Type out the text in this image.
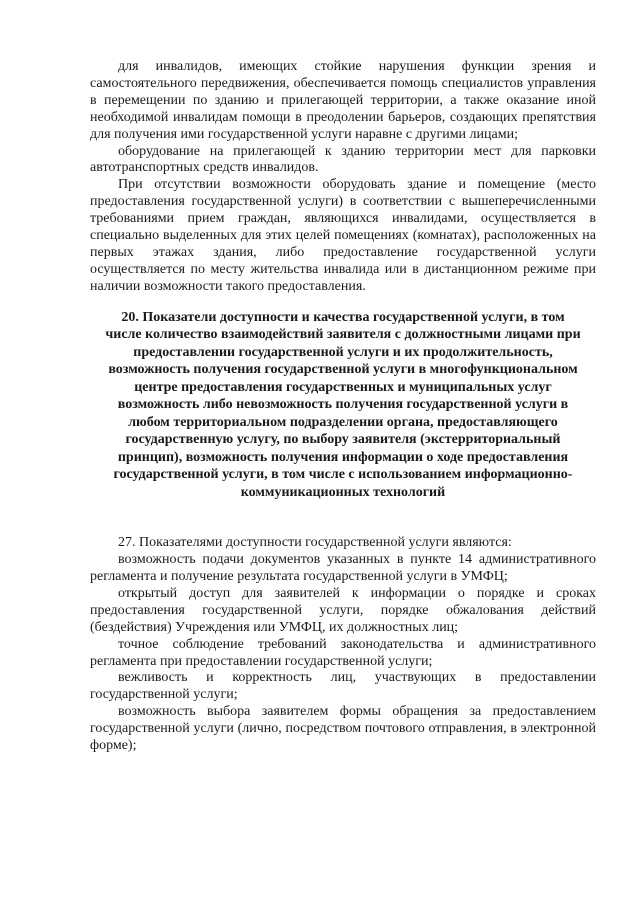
для инвалидов, имеющих стойкие нарушения функции зрения и самостоятельного передвижения, обеспечивается помощь специалистов управления в перемещении по зданию и прилегающей территории, а также оказание иной необходимой инвалидам помощи в преодолении барьеров, создающих препятствия для получения ими государственной услуги наравне с другими лицами;

оборудование на прилегающей к зданию территории мест для парковки автотранспортных средств инвалидов.

При отсутствии возможности оборудовать здание и помещение (место предоставления государственной услуги) в соответствии с вышеперечисленными требованиями прием граждан, являющихся инвалидами, осуществляется в специально выделенных для этих целей помещениях (комнатах), расположенных на первых этажах здания, либо предоставление государственной услуги осуществляется по месту жительства инвалида или в дистанционном режиме при наличии возможности такого предоставления.

20. Показатели доступности и качества государственной услуги, в том числе количество взаимодействий заявителя с должностными лицами при предоставлении государственной услуги и их продолжительность, возможность получения государственной услуги в многофункциональном центре предоставления государственных и муниципальных услуг возможность либо невозможность получения государственной услуги в любом территориальном подразделении органа, предоставляющего государственную услугу, по выбору заявителя (экстерриториальный принцип), возможность получения информации о ходе предоставления государственной услуги, в том числе с использованием информационно-коммуникационных технологий

27. Показателями доступности государственной услуги являются:

возможность подачи документов указанных в пункте 14 административного регламента и получение результата государственной услуги в УМФЦ;

открытый доступ для заявителей к информации о порядке и сроках предоставления государственной услуги, порядке обжалования действий (бездействия) Учреждения или УМФЦ, их должностных лиц;

точное соблюдение требований законодательства и административного регламента при предоставлении государственной услуги;

вежливость и корректность лиц, участвующих в предоставлении государственной услуги;

возможность выбора заявителем формы обращения за предоставлением государственной услуги (лично, посредством почтового отправления, в электронной форме);
